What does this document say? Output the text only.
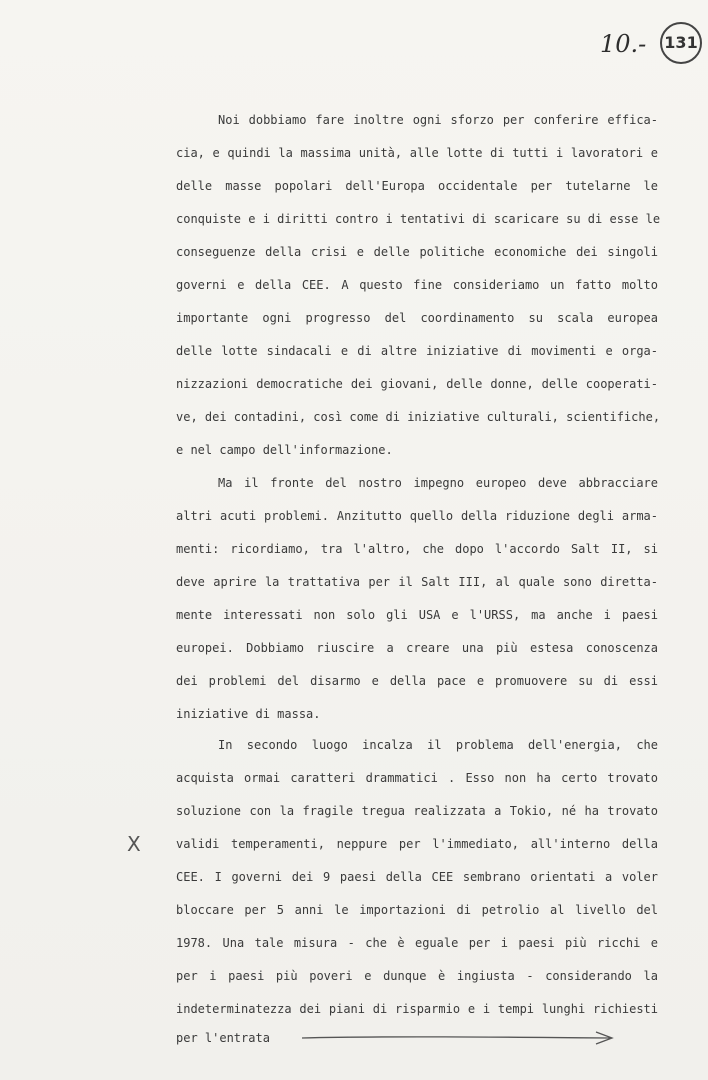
10.- 131
X
Noi dobbiamo fare inoltre ogni sforzo per conferire effica-
cia, e quindi la massima unità, alle lotte di tutti i lavoratori e
delle masse popolari dell'Europa occidentale per tutelarne le
conquiste e i diritti contro i tentativi di scaricare su di esse le
conseguenze della crisi e delle politiche economiche dei singoli
governi e della CEE. A questo fine consideriamo un fatto molto
importante ogni progresso del coordinamento su scala europea
delle lotte sindacali e di altre iniziative di movimenti e orga-
nizzazioni democratiche dei giovani, delle donne, delle cooperati-
ve, dei contadini, così come di iniziative culturali, scientifiche,
e nel campo dell'informazione.
Ma il fronte del nostro impegno europeo deve abbracciare
altri acuti problemi. Anzitutto quello della riduzione degli arma-
menti: ricordiamo, tra l'altro, che dopo l'accordo Salt II, si
deve aprire la trattativa per il Salt III, al quale sono diretta-
mente interessati non solo gli USA e l'URSS, ma anche i paesi
europei. Dobbiamo riuscire a creare una più estesa conoscenza
dei problemi del disarmo e della pace e promuovere su di essi
iniziative di massa.
In secondo luogo incalza il problema dell'energia, che
acquista ormai caratteri drammatici . Esso non ha certo trovato
soluzione con la fragile tregua realizzata a Tokio, né ha trovato
validi temperamenti, neppure per l'immediato, all'interno della
CEE. I governi dei 9 paesi della CEE sembrano orientati a voler
bloccare per 5 anni le importazioni di petrolio al livello del
1978. Una tale misura - che è eguale per i paesi più ricchi e
per i paesi più poveri e dunque è ingiusta - considerando la
indeterminatezza dei piani di risparmio e i tempi lunghi richiesti
per l'entrata
